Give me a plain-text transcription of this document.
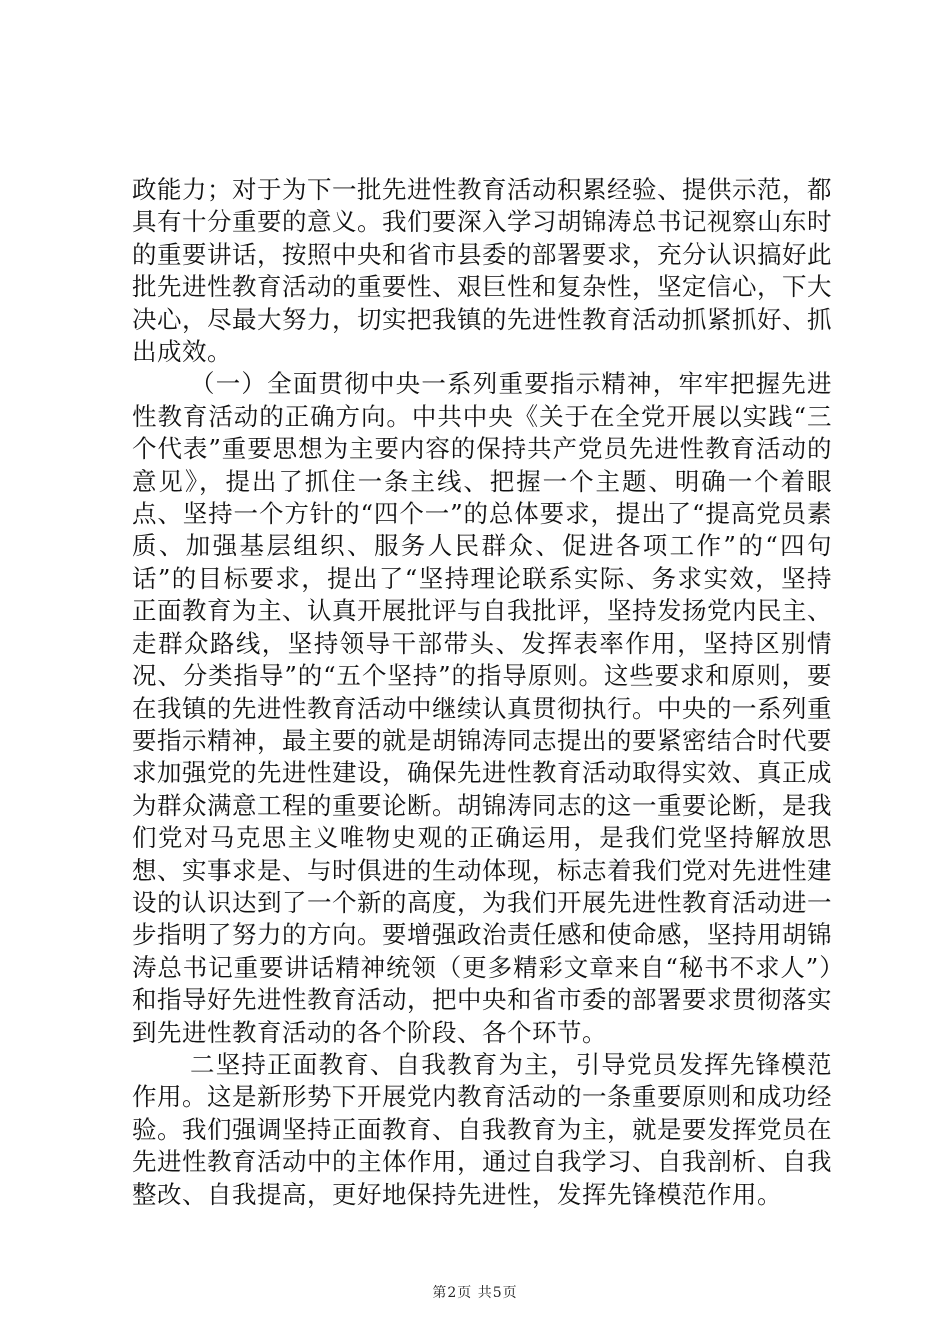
政能力；对于为下一批先进性教育活动积累经验、提供示范，都具有十分重要的意义。我们要深入学习胡锦涛总书记视察山东时的重要讲话，按照中央和省市县委的部署要求，充分认识搞好此批先进性教育活动的重要性、艰巨性和复杂性，坚定信心，下大决心，尽最大努力，切实把我镇的先进性教育活动抓紧抓好、抓出成效。

（一）全面贯彻中央一系列重要指示精神，牢牢把握先进性教育活动的正确方向。中共中央《关于在全党开展以实践“三个代表”重要思想为主要内容的保持共产党员先进性教育活动的意见》，提出了抓住一条主线、把握一个主题、明确一个着眼点、坚持一个方针的“四个一”的总体要求，提出了“提高党员素质、加强基层组织、服务人民群众、促进各项工作”的“四句话”的目标要求，提出了“坚持理论联系实际、务求实效，坚持正面教育为主、认真开展批评与自我批评，坚持发扬党内民主、走群众路线，坚持领导干部带头、发挥表率作用，坚持区别情况、分类指导”的“五个坚持”的指导原则。这些要求和原则，要在我镇的先进性教育活动中继续认真贯彻执行。中央的一系列重要指示精神，最主要的就是胡锦涛同志提出的要紧密结合时代要求加强党的先进性建设，确保先进性教育活动取得实效、真正成为群众满意工程的重要论断。胡锦涛同志的这一重要论断，是我们党对马克思主义唯物史观的正确运用，是我们党坚持解放思想、实事求是、与时俱进的生动体现，标志着我们党对先进性建设的认识达到了一个新的高度，为我们开展先进性教育活动进一步指明了努力的方向。要增强政治责任感和使命感，坚持用胡锦涛总书记重要讲话精神统领（更多精彩文章来自“秘书不求人”）和指导好先进性教育活动，把中央和省市委的部署要求贯彻落实到先进性教育活动的各个阶段、各个环节。

二坚持正面教育、自我教育为主，引导党员发挥先锋模范作用。这是新形势下开展党内教育活动的一条重要原则和成功经验。我们强调坚持正面教育、自我教育为主，就是要发挥党员在先进性教育活动中的主体作用，通过自我学习、自我剖析、自我整改、自我提高，更好地保持先进性，发挥先锋模范作用。

第2页 共5页
